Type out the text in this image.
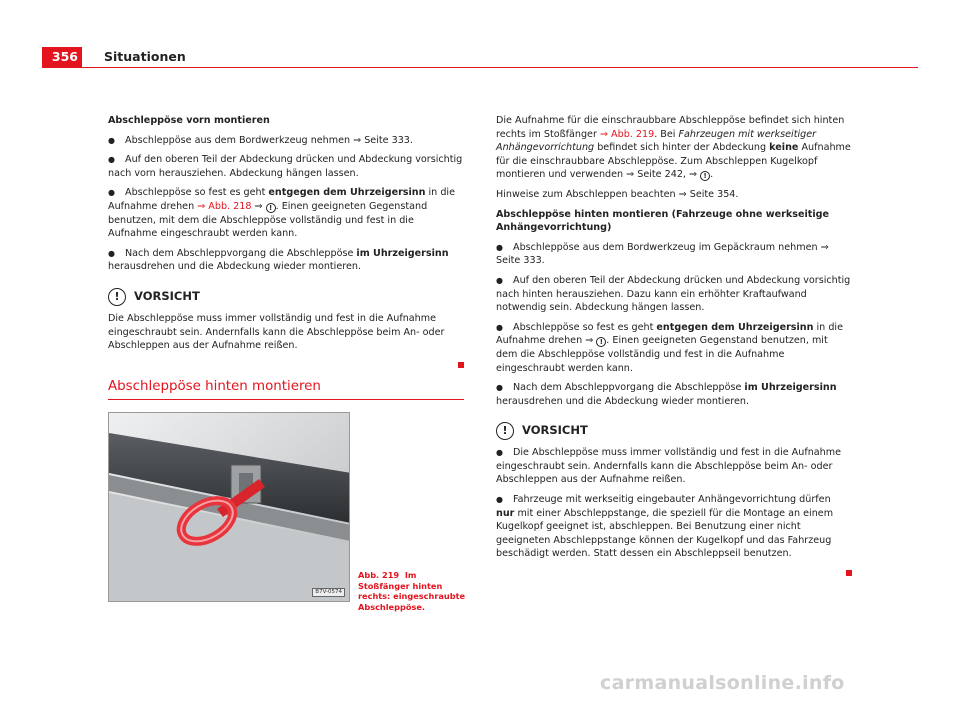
356	Situationen
Abschleppöse vorn montieren
● Abschleppöse aus dem Bordwerkzeug nehmen ⇒ Seite 333.
● Auf den oberen Teil der Abdeckung drücken und Abdeckung vorsichtig nach vorn herausziehen. Abdeckung hängen lassen.
● Abschleppöse so fest es geht entgegen dem Uhrzeigersinn in die Aufnahme drehen ⇒ Abb. 218 ⇒ ! . Einen geeigneten Gegenstand benutzen, mit dem die Abschleppöse vollständig und fest in die Aufnahme eingeschraubt werden kann.
● Nach dem Abschleppvorgang die Abschleppöse im Uhrzeigersinn herausdrehen und die Abdeckung wieder montieren.
!	VORSICHT
Die Abschleppöse muss immer vollständig und fest in die Aufnahme eingeschraubt sein. Andernfalls kann die Abschleppöse beim An- oder Abschleppen aus der Aufnahme reißen.
Abschleppöse hinten montieren
B7V-0574
Abb. 219 Im Stoßfänger hinten rechts: eingeschraubte Abschleppöse.
Die Aufnahme für die einschraubbare Abschleppöse befindet sich hinten rechts im Stoßfänger ⇒ Abb. 219. Bei Fahrzeugen mit werkseitiger Anhängevorrichtung befindet sich hinter der Abdeckung keine Aufnahme für die einschraubbare Abschleppöse. Zum Abschleppen Kugelkopf montieren und verwenden ⇒ Seite 242, ⇒ ! .
Hinweise zum Abschleppen beachten ⇒ Seite 354.
Abschleppöse hinten montieren (Fahrzeuge ohne werkseitige Anhängevorrichtung)
● Abschleppöse aus dem Bordwerkzeug im Gepäckraum nehmen ⇒ Seite 333.
● Auf den oberen Teil der Abdeckung drücken und Abdeckung vorsichtig nach hinten herausziehen. Dazu kann ein erhöhter Kraftaufwand notwendig sein. Abdeckung hängen lassen.
● Abschleppöse so fest es geht entgegen dem Uhrzeigersinn in die Aufnahme drehen ⇒ ! . Einen geeigneten Gegenstand benutzen, mit dem die Abschleppöse vollständig und fest in die Aufnahme eingeschraubt werden kann.
● Nach dem Abschleppvorgang die Abschleppöse im Uhrzeigersinn herausdrehen und die Abdeckung wieder montieren.
!	VORSICHT
● Die Abschleppöse muss immer vollständig und fest in die Aufnahme eingeschraubt sein. Andernfalls kann die Abschleppöse beim An- oder Abschleppen aus der Aufnahme reißen.
● Fahrzeuge mit werkseitig eingebauter Anhängevorrichtung dürfen nur mit einer Abschleppstange, die speziell für die Montage an einem Kugelkopf geeignet ist, abschleppen. Bei Benutzung einer nicht geeigneten Abschleppstange können der Kugelkopf und das Fahrzeug beschädigt werden. Statt dessen ein Abschleppseil benutzen.
carmanualsonline.info
